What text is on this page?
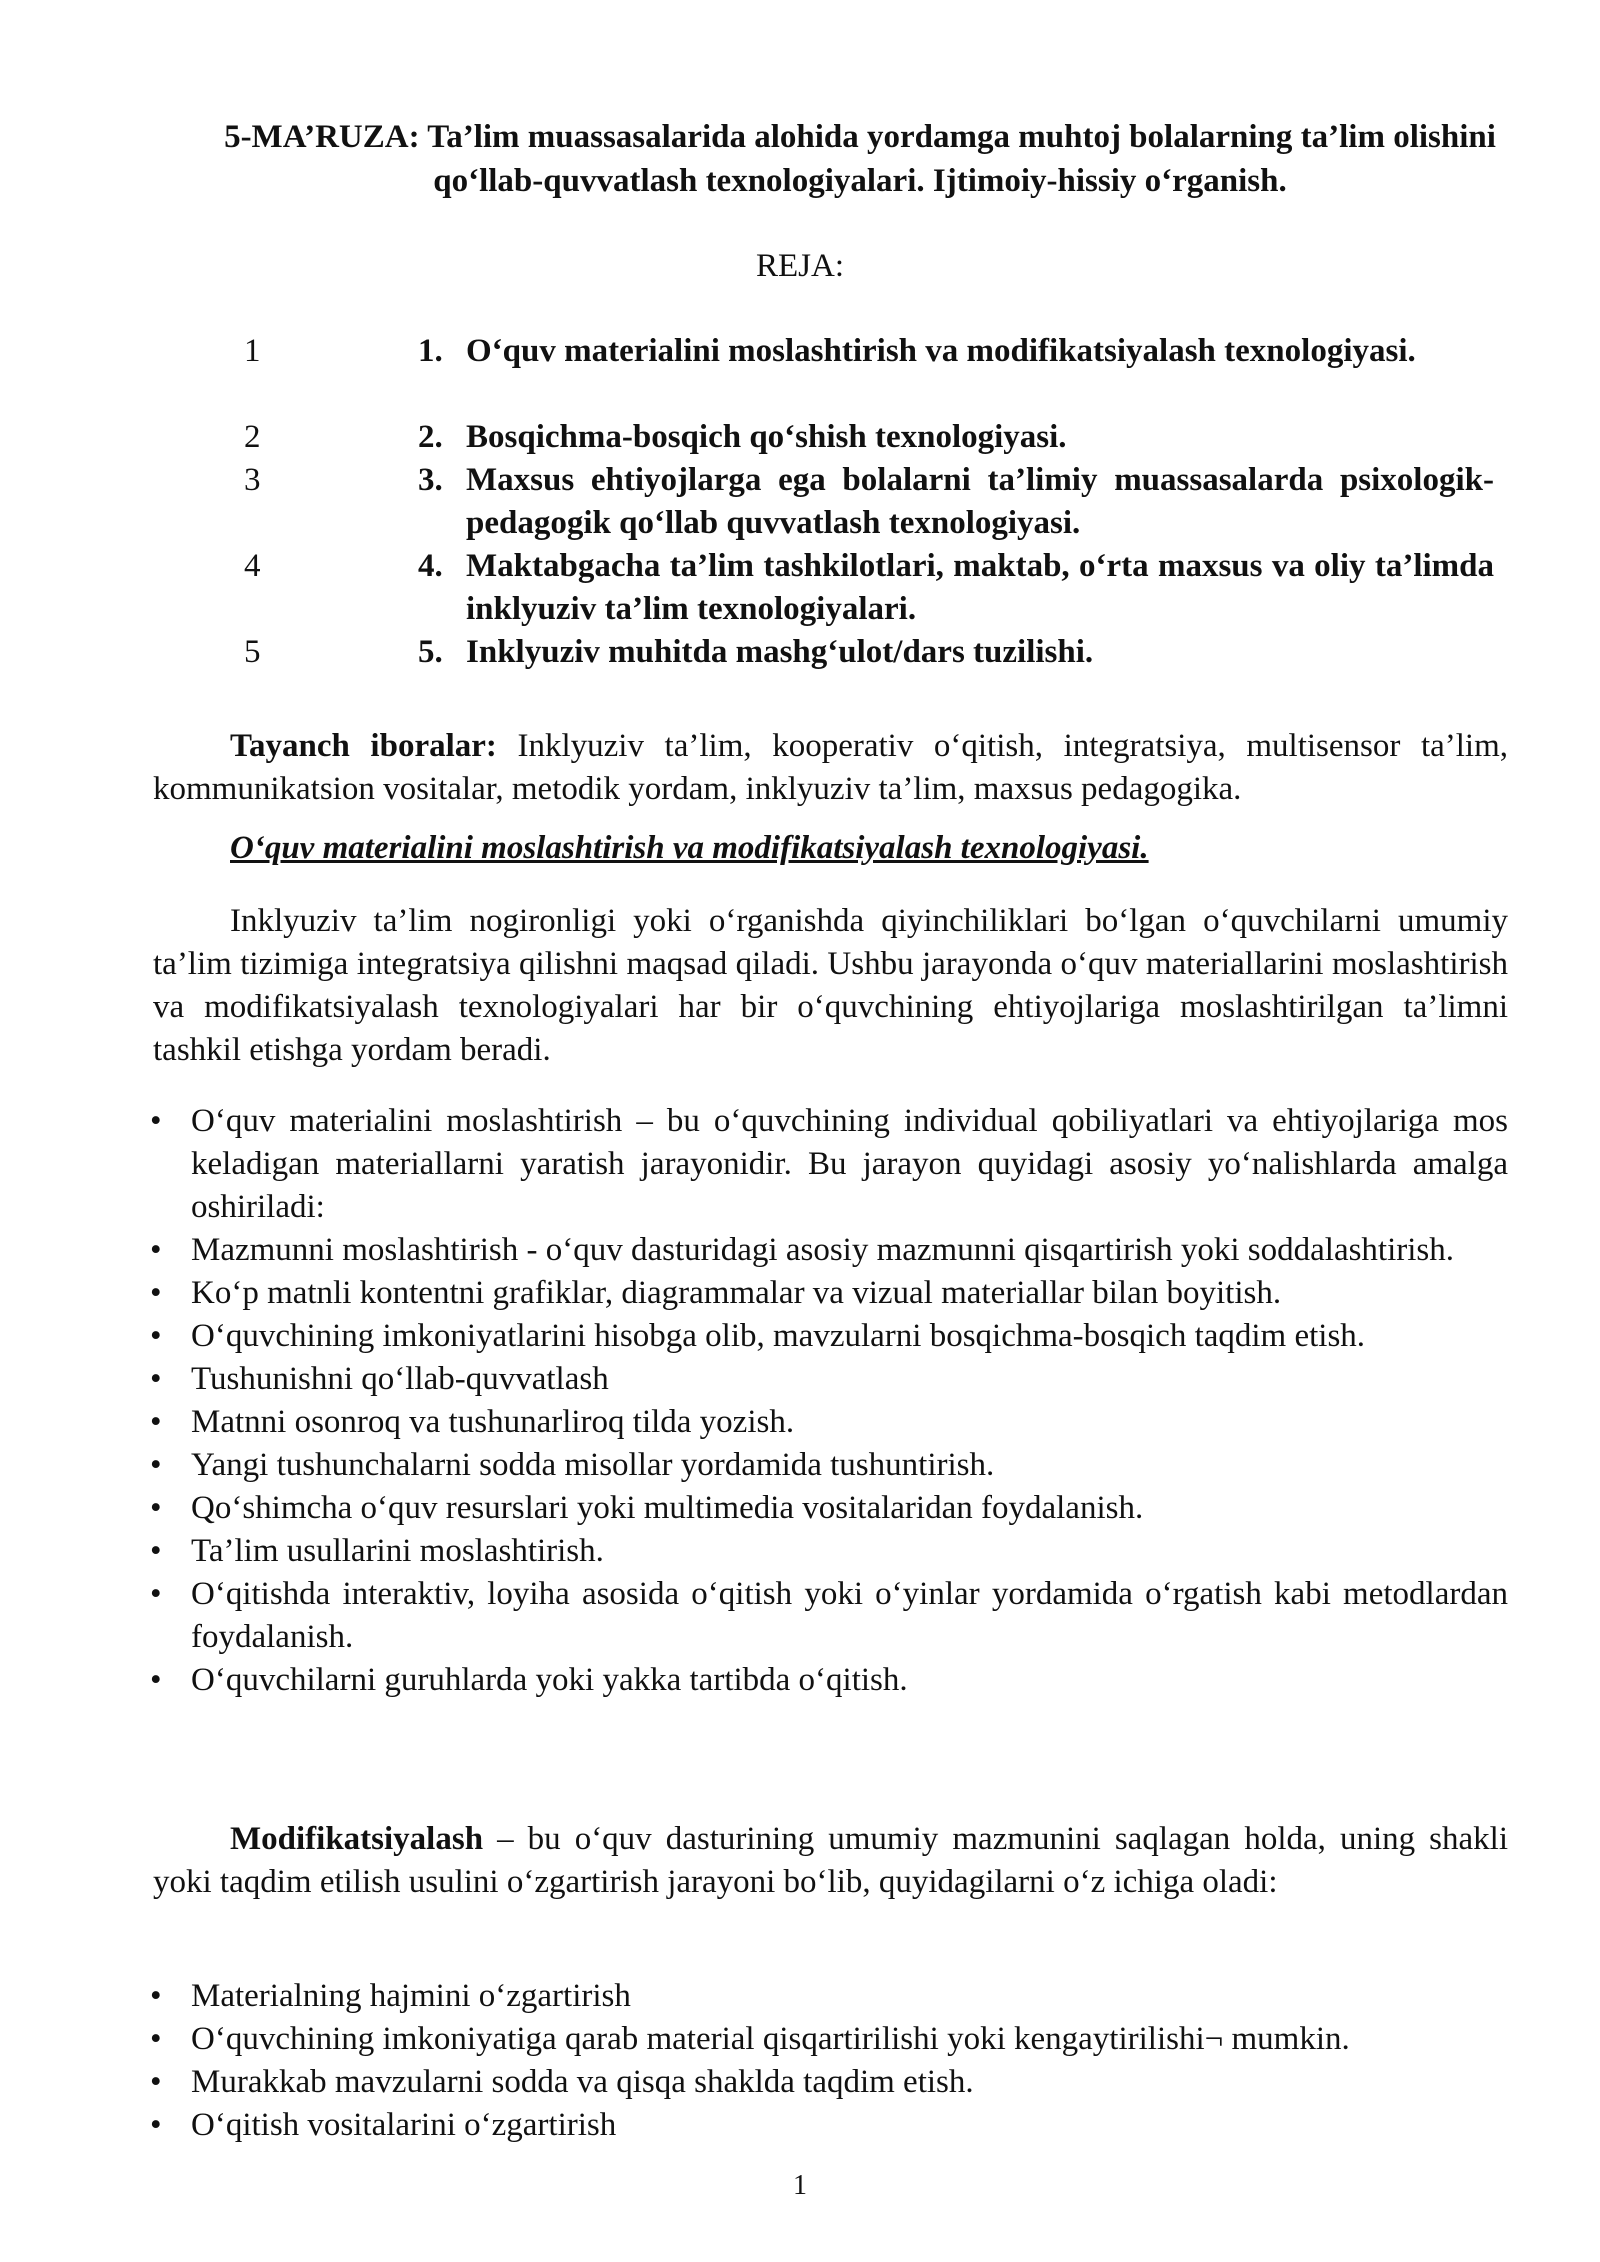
5-MA’RUZA: Ta’lim muassasalarida alohida yordamga muhtoj bolalarning ta’lim olishini qo‘llab-quvvatlash texnologiyalari. Ijtimoiy-hissiy o‘rganish.
REJA:
1	1. O‘quv materialini moslashtirish va modifikatsiyalash texnologiyasi.
2	2. Bosqichma-bosqich qo‘shish texnologiyasi.
3	3. Maxsus ehtiyojlarga ega bolalarni ta’limiy muassasalarda psixologik-pedagogik qo‘llab quvvatlash texnologiyasi.
4	4. Maktabgacha ta’lim tashkilotlari, maktab, o‘rta maxsus va oliy ta’limda inklyuziv ta’lim texnologiyalari.
5	5. Inklyuziv muhitda mashg‘ulot/dars tuzilishi.
Tayanch iboralar: Inklyuziv ta’lim, kooperativ o‘qitish, integratsiya, multisensor ta’lim, kommunikatsion vositalar, metodik yordam, inklyuziv ta’lim, maxsus pedagogika.
O‘quv materialini moslashtirish va modifikatsiyalash texnologiyasi.
Inklyuziv ta’lim nogironligi yoki o‘rganishda qiyinchiliklari bo‘lgan o‘quvchilarni umumiy ta’lim tizimiga integratsiya qilishni maqsad qiladi. Ushbu jarayonda o‘quv materiallarini moslashtirish va modifikatsiyalash texnologiyalari har bir o‘quvchining ehtiyojlariga moslashtirilgan ta’limni tashkil etishga yordam beradi.
• O‘quv materialini moslashtirish – bu o‘quvchining individual qobiliyatlari va ehtiyojlariga mos keladigan materiallarni yaratish jarayonidir. Bu jarayon quyidagi asosiy yo‘nalishlarda amalga oshiriladi:
• Mazmunni moslashtirish - o‘quv dasturidagi asosiy mazmunni qisqartirish yoki soddalashtirish.
• Ko‘p matnli kontentni grafiklar, diagrammalar va vizual materiallar bilan boyitish.
• O‘quvchining imkoniyatlarini hisobga olib, mavzularni bosqichma-bosqich taqdim etish.
• Tushunishni qo‘llab-quvvatlash
• Matnni osonroq va tushunarliroq tilda yozish.
• Yangi tushunchalarni sodda misollar yordamida tushuntirish.
• Qo‘shimcha o‘quv resurslari yoki multimedia vositalaridan foydalanish.
• Ta’lim usullarini moslashtirish.
• O‘qitishda interaktiv, loyiha asosida o‘qitish yoki o‘yinlar yordamida o‘rgatish kabi metodlardan foydalanish.
• O‘quvchilarni guruhlarda yoki yakka tartibda o‘qitish.
Modifikatsiyalash – bu o‘quv dasturining umumiy mazmunini saqlagan holda, uning shakli yoki taqdim etilish usulini o‘zgartirish jarayoni bo‘lib, quyidagilarni o‘z ichiga oladi:
• Materialning hajmini o‘zgartirish
• O‘quvchining imkoniyatiga qarab material qisqartirilishi yoki kengaytirilishi¬ mumkin.
• Murakkab mavzularni sodda va qisqa shaklda taqdim etish.
• O‘qitish vositalarini o‘zgartirish
1
